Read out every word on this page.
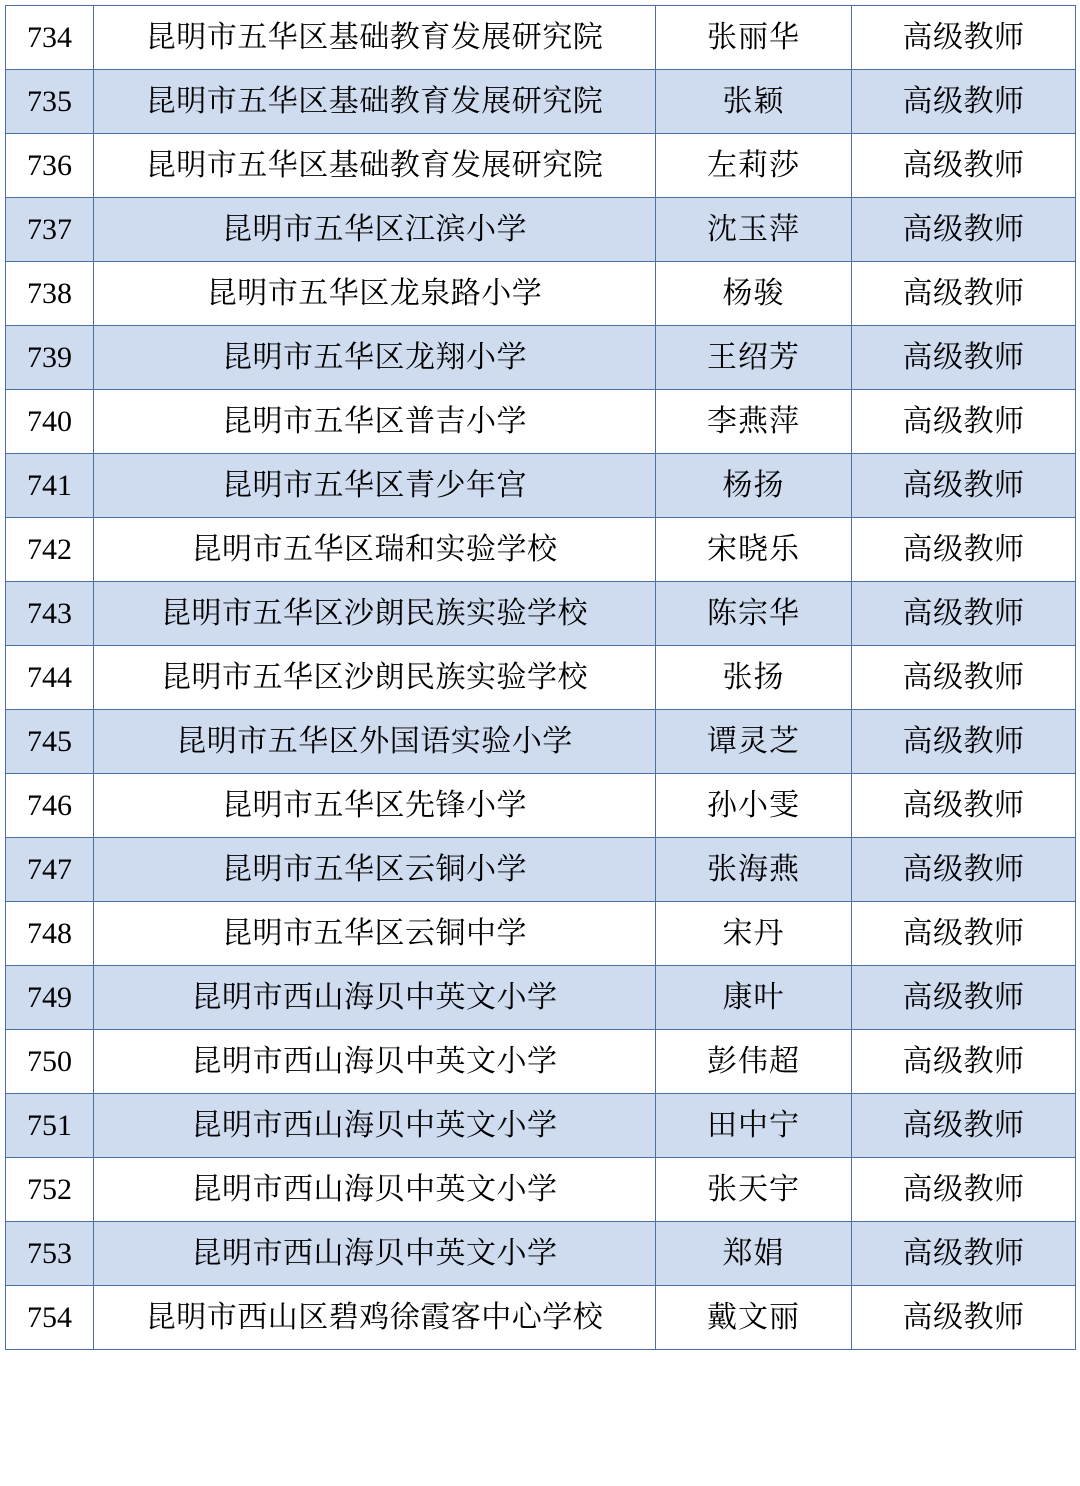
734	昆明市五华区基础教育发展研究院	张丽华	高级教师
735	昆明市五华区基础教育发展研究院	张颖	高级教师
736	昆明市五华区基础教育发展研究院	左莉莎	高级教师
737	昆明市五华区江滨小学	沈玉萍	高级教师
738	昆明市五华区龙泉路小学	杨骏	高级教师
739	昆明市五华区龙翔小学	王绍芳	高级教师
740	昆明市五华区普吉小学	李燕萍	高级教师
741	昆明市五华区青少年宫	杨扬	高级教师
742	昆明市五华区瑞和实验学校	宋晓乐	高级教师
743	昆明市五华区沙朗民族实验学校	陈宗华	高级教师
744	昆明市五华区沙朗民族实验学校	张扬	高级教师
745	昆明市五华区外国语实验小学	谭灵芝	高级教师
746	昆明市五华区先锋小学	孙小雯	高级教师
747	昆明市五华区云铜小学	张海燕	高级教师
748	昆明市五华区云铜中学	宋丹	高级教师
749	昆明市西山海贝中英文小学	康叶	高级教师
750	昆明市西山海贝中英文小学	彭伟超	高级教师
751	昆明市西山海贝中英文小学	田中宁	高级教师
752	昆明市西山海贝中英文小学	张天宇	高级教师
753	昆明市西山海贝中英文小学	郑娟	高级教师
754	昆明市西山区碧鸡徐霞客中心学校	戴文丽	高级教师
